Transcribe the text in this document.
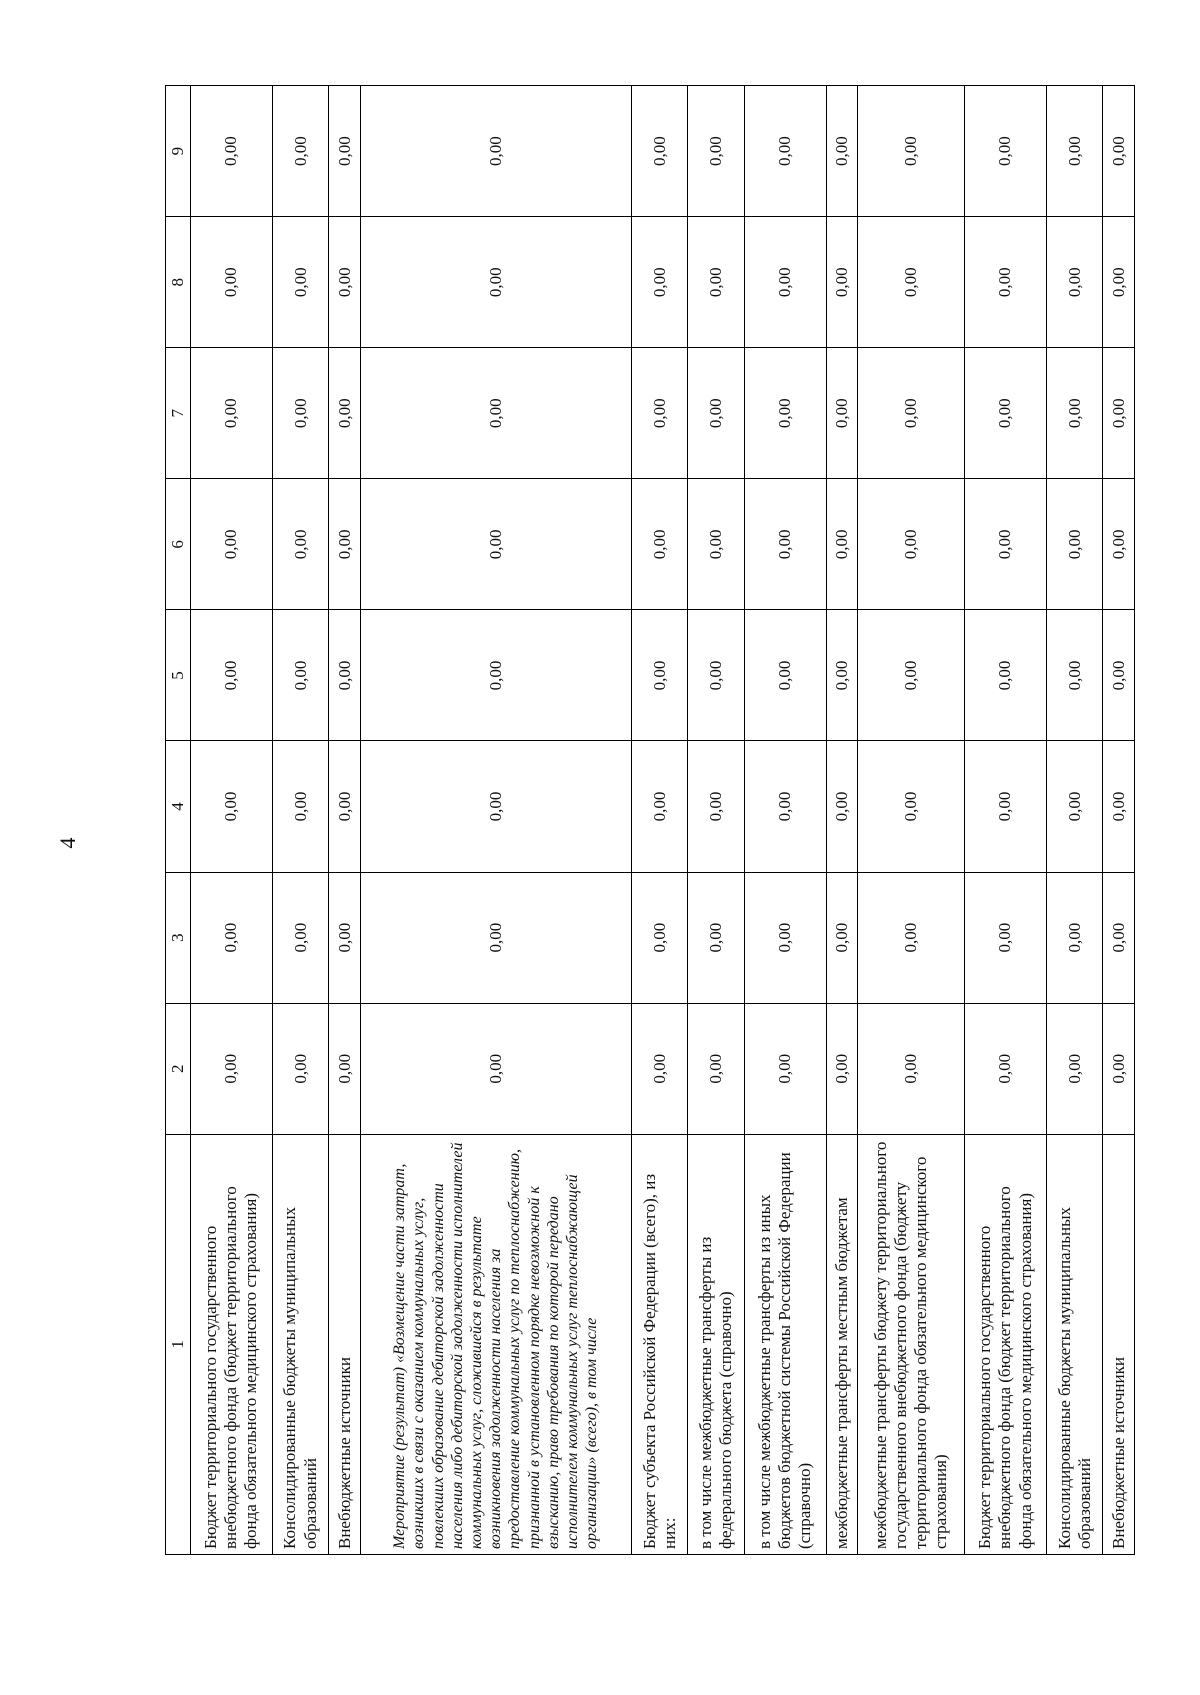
4
1	2	3	4	5	6	7	8	9
Бюджет территориального государственного внебюджетного фонда (бюджет территориального фонда обязательного медицинского страхования)	0,00	0,00	0,00	0,00	0,00	0,00	0,00	0,00
Консолидированные бюджеты муниципальных образований	0,00	0,00	0,00	0,00	0,00	0,00	0,00	0,00
Внебюджетные источники	0,00	0,00	0,00	0,00	0,00	0,00	0,00	0,00
Мероприятие (результат) «Возмещение части затрат, возникших в связи с оказанием коммунальных услуг, повлекших образование дебиторской задолженности населения либо дебиторской задолженности исполнителей коммунальных услуг, сложившейся в результате возникновения задолженности населения за предоставление коммунальных услуг по теплоснабжению, признанной в установленном порядке невозможной к взысканию, право требования по которой передано исполнителем коммунальных услуг теплоснабжающей организации» (всего), в том числе	0,00	0,00	0,00	0,00	0,00	0,00	0,00	0,00
Бюджет субъекта Российской Федерации (всего), из них:	0,00	0,00	0,00	0,00	0,00	0,00	0,00	0,00
в том числе межбюджетные трансферты из федерального бюджета (справочно)	0,00	0,00	0,00	0,00	0,00	0,00	0,00	0,00
в том числе межбюджетные трансферты из иных бюджетов бюджетной системы Российской Федерации (справочно)	0,00	0,00	0,00	0,00	0,00	0,00	0,00	0,00
межбюджетные трансферты местным бюджетам	0,00	0,00	0,00	0,00	0,00	0,00	0,00	0,00
межбюджетные трансферты бюджету территориального государственного внебюджетного фонда (бюджету территориального фонда обязательного медицинского страхования)	0,00	0,00	0,00	0,00	0,00	0,00	0,00	0,00
Бюджет территориального государственного внебюджетного фонда (бюджет территориального фонда обязательного медицинского страхования)	0,00	0,00	0,00	0,00	0,00	0,00	0,00	0,00
Консолидированные бюджеты муниципальных образований	0,00	0,00	0,00	0,00	0,00	0,00	0,00	0,00
Внебюджетные источники	0,00	0,00	0,00	0,00	0,00	0,00	0,00	0,00
